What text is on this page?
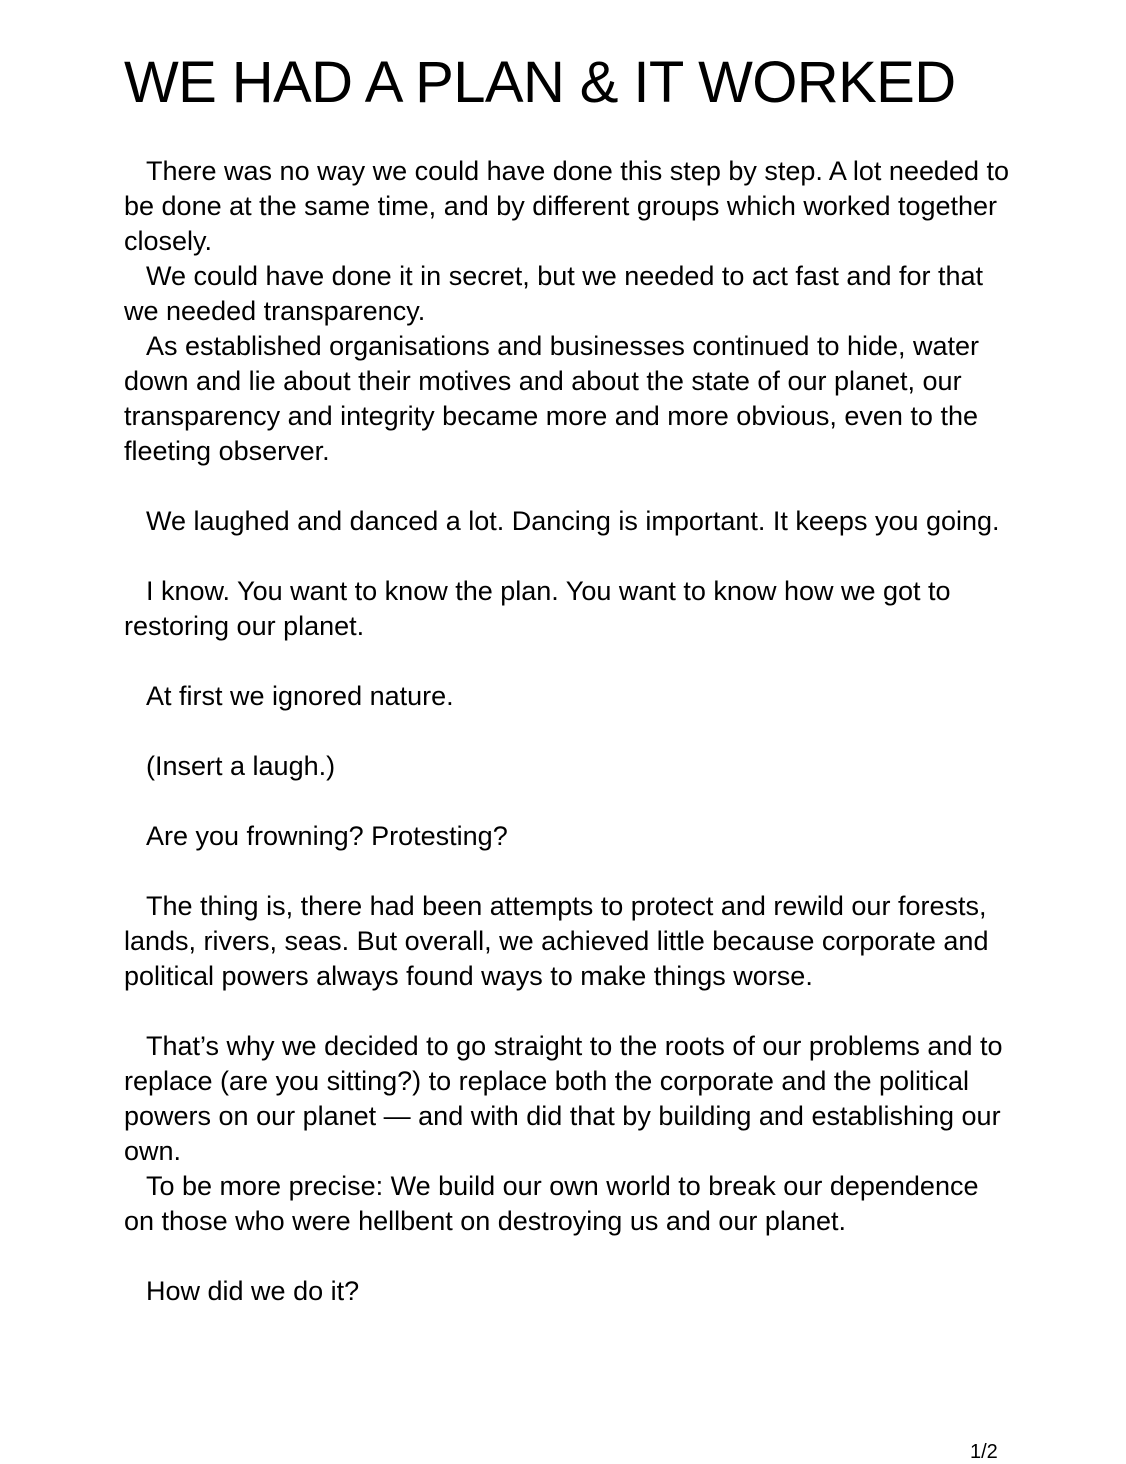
WE HAD A PLAN & IT WORKED

There was no way we could have done this step by step. A lot needed to be done at the same time, and by different groups which worked together closely.

We could have done it in secret, but we needed to act fast and for that we needed transparency.

As established organisations and businesses continued to hide, water down and lie about their motives and about the state of our planet, our transparency and integrity became more and more obvious, even to the fleeting observer.

We laughed and danced a lot. Dancing is important. It keeps you going.

I know. You want to know the plan. You want to know how we got to restoring our planet.

At first we ignored nature.

(Insert a laugh.)

Are you frowning? Protesting?

The thing is, there had been attempts to protect and rewild our forests, lands, rivers, seas. But overall, we achieved little because corporate and political powers always found ways to make things worse.

That’s why we decided to go straight to the roots of our problems and to replace (are you sitting?) to replace both the corporate and the political powers on our planet — and with did that by building and establishing our own.

To be more precise: We build our own world to break our dependence on those who were hellbent on destroying us and our planet.

How did we do it?

1/2
